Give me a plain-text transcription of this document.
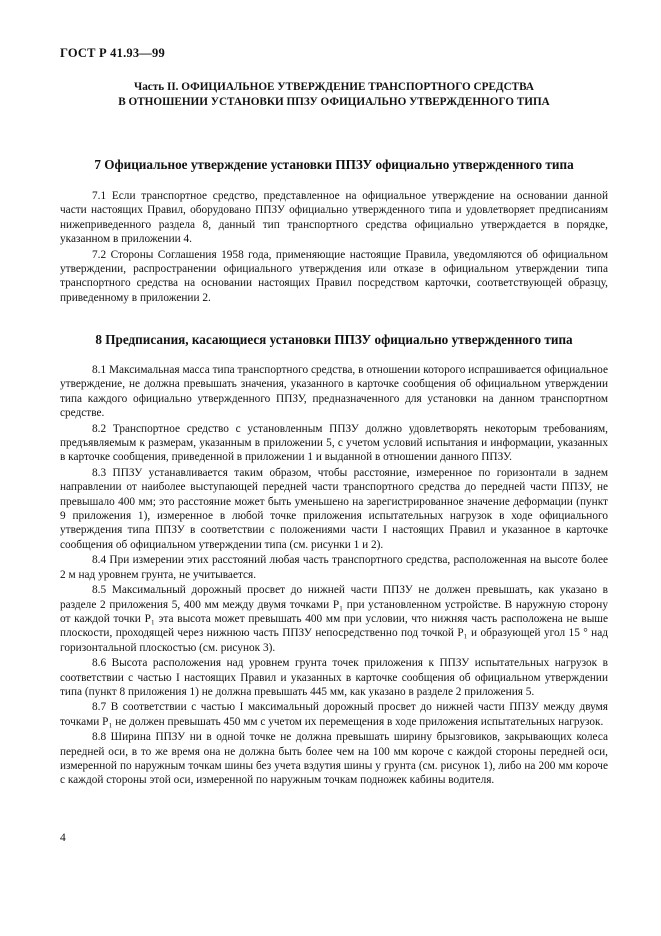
ГОСТ Р 41.93—99
Часть II. ОФИЦИАЛЬНОЕ УТВЕРЖДЕНИЕ ТРАНСПОРТНОГО СРЕДСТВА
В ОТНОШЕНИИ УСТАНОВКИ ППЗУ ОФИЦИАЛЬНО УТВЕРЖДЕННОГО ТИПА
7 Официальное утверждение установки ППЗУ официально утвержденного типа

7.1 Если транспортное средство, представленное на официальное утверждение на основании данной части настоящих Правил, оборудовано ППЗУ официально утвержденного типа и удовлетворяет предписаниям нижеприведенного раздела 8, данный тип транспортного средства официально утверждается в порядке, указанном в приложении 4.

7.2 Стороны Соглашения 1958 года, применяющие настоящие Правила, уведомляются об официальном утверждении, распространении официального утверждения или отказе в официальном утверждении типа транспортного средства на основании настоящих Правил посредством карточки, соответствующей образцу, приведенному в приложении 2.

8 Предписания, касающиеся установки ППЗУ официально утвержденного типа

8.1 Максимальная масса типа транспортного средства, в отношении которого испрашивается официальное утверждение, не должна превышать значения, указанного в карточке сообщения об официальном утверждении типа каждого официально утвержденного ППЗУ, предназначенного для установки на данном транспортном средстве.

8.2 Транспортное средство с установленным ППЗУ должно удовлетворять некоторым требованиям, предъявляемым к размерам, указанным в приложении 5, с учетом условий испытания и информации, указанных в карточке сообщения, приведенной в приложении 1 и выданной в отношении данного ППЗУ.

8.3 ППЗУ устанавливается таким образом, чтобы расстояние, измеренное по горизонтали в заднем направлении от наиболее выступающей передней части транспортного средства до передней части ППЗУ, не превышало 400 мм; это расстояние может быть уменьшено на зарегистрированное значение деформации (пункт 9 приложения 1), измеренное в любой точке приложения испытательных нагрузок в ходе официального утверждения типа ППЗУ в соответствии с положениями части I настоящих Правил и указанное в карточке сообщения об официальном утверждении типа (см. рисунки 1 и 2).

8.4 При измерении этих расстояний любая часть транспортного средства, расположенная на высоте более 2 м над уровнем грунта, не учитывается.

8.5 Максимальный дорожный просвет до нижней части ППЗУ не должен превышать, как указано в разделе 2 приложения 5, 400 мм между двумя точками P₁ при установленном устройстве. В наружную сторону от каждой точки P₁ эта высота может превышать 400 мм при условии, что нижняя часть расположена не выше плоскости, проходящей через нижнюю часть ППЗУ непосредственно под точкой P₁ и образующей угол 15 ° над горизонтальной плоскостью (см. рисунок 3).

8.6 Высота расположения над уровнем грунта точек приложения к ППЗУ испытательных нагрузок в соответствии с частью I настоящих Правил и указанных в карточке сообщения об официальном утверждении типа (пункт 8 приложения 1) не должна превышать 445 мм, как указано в разделе 2 приложения 5.

8.7 В соответствии с частью I максимальный дорожный просвет до нижней части ППЗУ между двумя точками P₁ не должен превышать 450 мм с учетом их перемещения в ходе приложения испытательных нагрузок.

8.8 Ширина ППЗУ ни в одной точке не должна превышать ширину брызговиков, закрывающих колеса передней оси, в то же время она не должна быть более чем на 100 мм короче с каждой стороны передней оси, измеренной по наружным точкам шины без учета вздутия шины у грунта (см. рисунок 1), либо на 200 мм короче с каждой стороны этой оси, измеренной по наружным точкам подножек кабины водителя.

4
